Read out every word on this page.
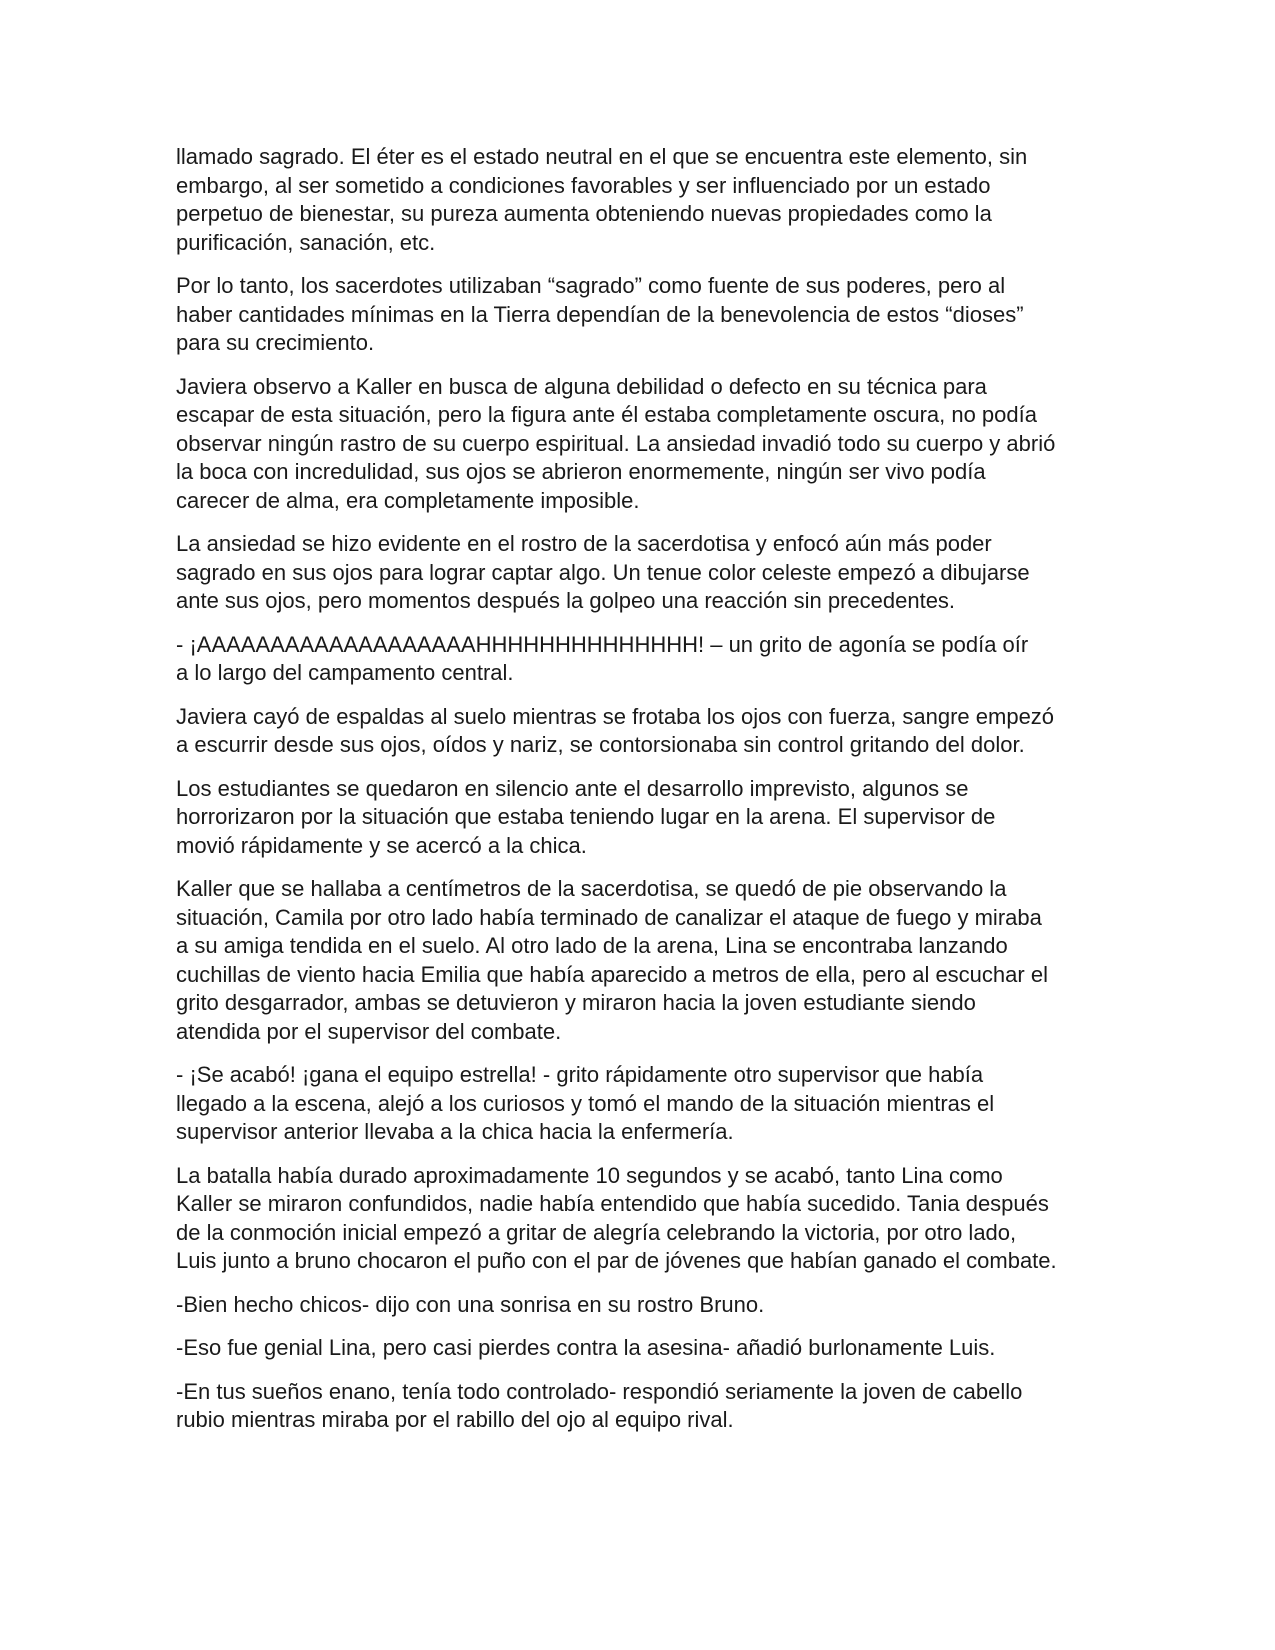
llamado sagrado. El éter es el estado neutral en el que se encuentra este elemento, sin
embargo, al ser sometido a condiciones favorables y ser influenciado por un estado
perpetuo de bienestar, su pureza aumenta obteniendo nuevas propiedades como la
purificación, sanación, etc.

Por lo tanto, los sacerdotes utilizaban “sagrado” como fuente de sus poderes, pero al
haber cantidades mínimas en la Tierra dependían de la benevolencia de estos “dioses”
para su crecimiento.

Javiera observo a Kaller en busca de alguna debilidad o defecto en su técnica para
escapar de esta situación, pero la figura ante él estaba completamente oscura, no podía
observar ningún rastro de su cuerpo espiritual. La ansiedad invadió todo su cuerpo y abrió
la boca con incredulidad, sus ojos se abrieron enormemente, ningún ser vivo podía
carecer de alma, era completamente imposible.

La ansiedad se hizo evidente en el rostro de la sacerdotisa y enfocó aún más poder
sagrado en sus ojos para lograr captar algo. Un tenue color celeste empezó a dibujarse
ante sus ojos, pero momentos después la golpeo una reacción sin precedentes.

- ¡AAAAAAAAAAAAAAAAAAAHHHHHHHHHHHHHH! – un grito de agonía se podía oír
a lo largo del campamento central.

Javiera cayó de espaldas al suelo mientras se frotaba los ojos con fuerza, sangre empezó
a escurrir desde sus ojos, oídos y nariz, se contorsionaba sin control gritando del dolor.

Los estudiantes se quedaron en silencio ante el desarrollo imprevisto, algunos se
horrorizaron por la situación que estaba teniendo lugar en la arena. El supervisor de
movió rápidamente y se acercó a la chica.

Kaller que se hallaba a centímetros de la sacerdotisa, se quedó de pie observando la
situación, Camila por otro lado había terminado de canalizar el ataque de fuego y miraba
a su amiga tendida en el suelo. Al otro lado de la arena, Lina se encontraba lanzando
cuchillas de viento hacia Emilia que había aparecido a metros de ella, pero al escuchar el
grito desgarrador, ambas se detuvieron y miraron hacia la joven estudiante siendo
atendida por el supervisor del combate.

- ¡Se acabó! ¡gana el equipo estrella! - grito rápidamente otro supervisor que había
llegado a la escena, alejó a los curiosos y tomó el mando de la situación mientras el
supervisor anterior llevaba a la chica hacia la enfermería.

La batalla había durado aproximadamente 10 segundos y se acabó, tanto Lina como
Kaller se miraron confundidos, nadie había entendido que había sucedido. Tania después
de la conmoción inicial empezó a gritar de alegría celebrando la victoria, por otro lado,
Luis junto a bruno chocaron el puño con el par de jóvenes que habían ganado el combate.

-Bien hecho chicos- dijo con una sonrisa en su rostro Bruno.

-Eso fue genial Lina, pero casi pierdes contra la asesina- añadió burlonamente Luis.

-En tus sueños enano, tenía todo controlado- respondió seriamente la joven de cabello
rubio mientras miraba por el rabillo del ojo al equipo rival.
